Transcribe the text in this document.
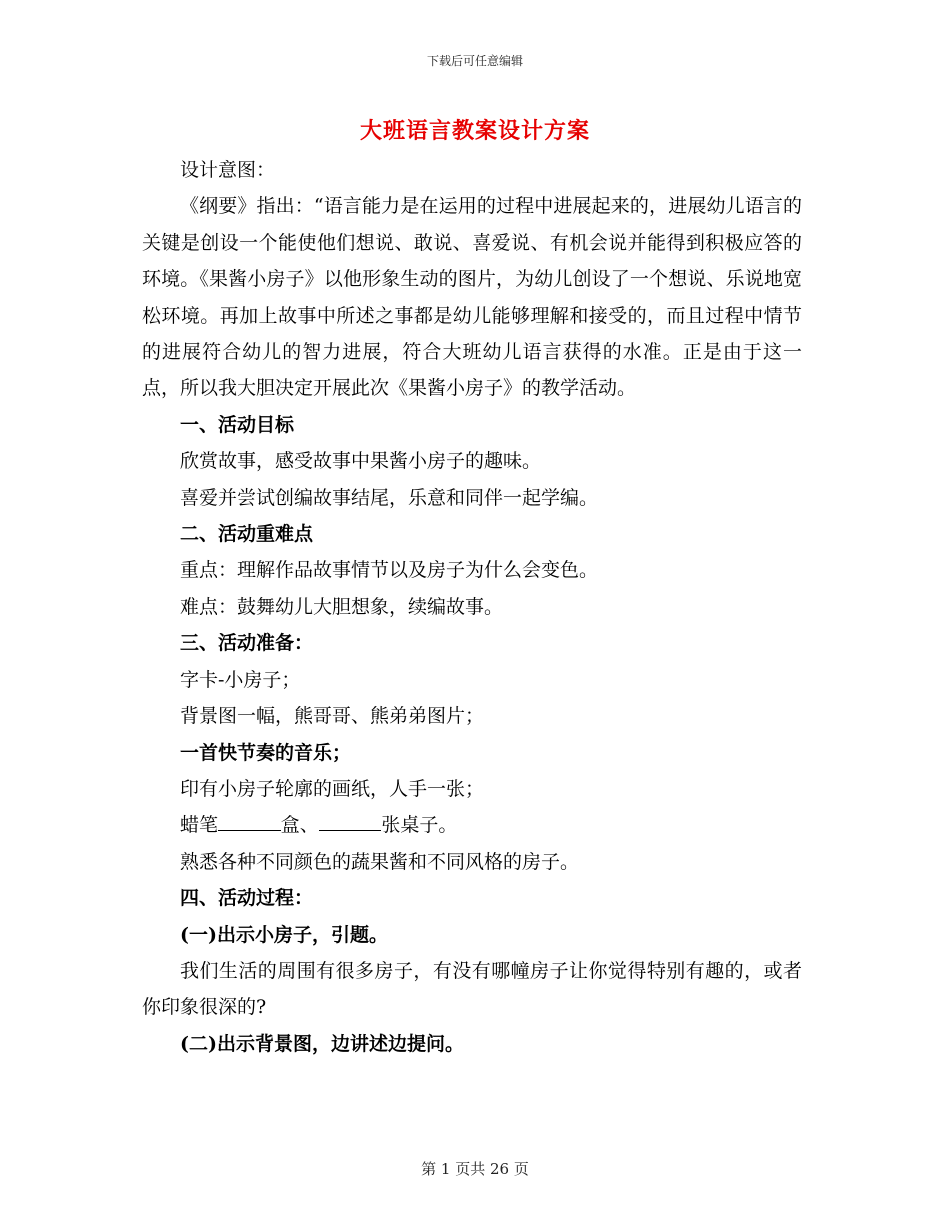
下载后可任意编辑
大班语言教案设计方案

设计意图：

《纲要》指出：“语言能力是在运用的过程中进展起来的，进展幼儿语言的关键是创设一个能使他们想说、敢说、喜爱说、有机会说并能得到积极应答的环境。《果酱小房子》以他形象生动的图片，为幼儿创设了一个想说、乐说地宽松环境。再加上故事中所述之事都是幼儿能够理解和接受的，而且过程中情节的进展符合幼儿的智力进展，符合大班幼儿语言获得的水准。正是由于这一点，所以我大胆决定开展此次《果酱小房子》的教学活动。

一、活动目标

欣赏故事，感受故事中果酱小房子的趣味。

喜爱并尝试创编故事结尾，乐意和同伴一起学编。

二、活动重难点

重点：理解作品故事情节以及房子为什么会变色。

难点：鼓舞幼儿大胆想象，续编故事。

三、活动准备：

字卡-小房子；

背景图一幅，熊哥哥、熊弟弟图片；

一首快节奏的音乐；

印有小房子轮廓的画纸，人手一张；

蜡笔	盒、	张桌子。

熟悉各种不同颜色的蔬果酱和不同风格的房子。

四、活动过程：

(一)出示小房子，引题。

我们生活的周围有很多房子，有没有哪幢房子让你觉得特别有趣的，或者你印象很深的?

(二)出示背景图，边讲述边提问。

第 1 页共 26 页
